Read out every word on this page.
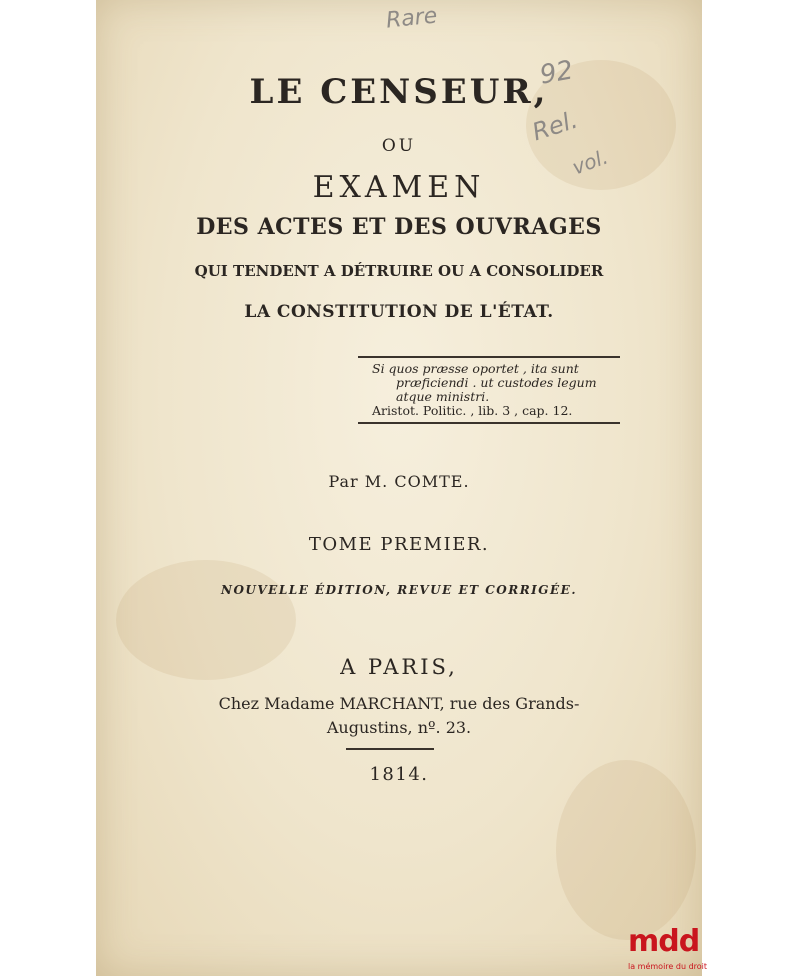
Rare
92
Rel.
vol.
LE CENSEUR,
OU
EXAMEN
DES ACTES ET DES OUVRAGES
QUI TENDENT A DÉTRUIRE OU A CONSOLIDER
LA CONSTITUTION DE L'ÉTAT.
Si quos præsse oportet , ita sunt
præficiendi . ut custodes legum
atque ministri.
Aristot. Politic. , lib. 3 , cap. 12.
Par M. COMTE.
TOME PREMIER.
NOUVELLE ÉDITION, REVUE ET CORRIGÉE.
A PARIS,
Chez Madame MARCHANT, rue des Grands-
Augustins, nº. 23.
1814.
mdd
la mémoire du droit
